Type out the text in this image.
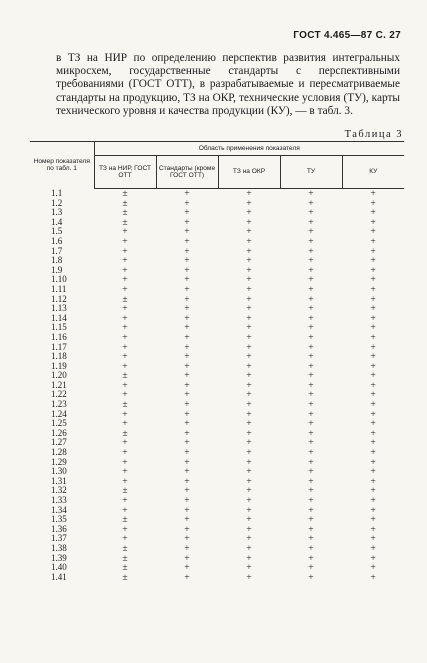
ГОСТ 4.465—87 С. 27

в ТЗ на НИР по определению перспектив развития интегральных микросхем, государственные стандарты с перспективными требованиями (ГОСТ ОТТ), в разрабатываемые и пересматриваемые стандарты на продукцию, ТЗ на ОКР, технические условия (ТУ), карты технического уровня и качества продукции (КУ), — в табл. 3.

Таблица 3
Номер показателя по табл. 1	Область применения показателя				
	ТЗ на НИР, ГОСТ ОТТ	Стандарты (кроме ГОСТ ОТТ)	ТЗ на ОКР	ТУ	КУ
1.1	±	+	+	+	+
1.2	±	+	+	+	+
1.3	±	+	+	+	+
1.4	±	+	+	+	+
1.5	+	+	+	+	+
1.6	+	+	+	+	+
1.7	+	+	+	+	+
1.8	+	+	+	+	+
1.9	+	+	+	+	+
1.10	+	+	+	+	+
1.11	+	+	+	+	+
1.12	±	+	+	+	+
1.13	+	+	+	+	+
1.14	+	+	+	+	+
1.15	+	+	+	+	+
1.16	+	+	+	+	+
1.17	+	+	+	+	+
1.18	+	+	+	+	+
1.19	+	+	+	+	+
1.20	±	+	+	+	+
1.21	+	+	+	+	+
1.22	+	+	+	+	+
1.23	±	+	+	+	+
1.24	+	+	+	+	+
1.25	+	+	+	+	+
1.26	±	+	+	+	+
1.27	+	+	+	+	+
1.28	+	+	+	+	+
1.29	+	+	+	+	+
1.30	+	+	+	+	+
1.31	+	+	+	+	+
1.32	±	+	+	+	+
1.33	+	+	+	+	+
1.34	+	+	+	+	+
1.35	±	+	+	+	+
1.36	+	+	+	+	+
1.37	+	+	+	+	+
1.38	±	+	+	+	+
1.39	±	+	+	+	+
1.40	±	+	+	+	+
1.41	±	+	+	+	+
